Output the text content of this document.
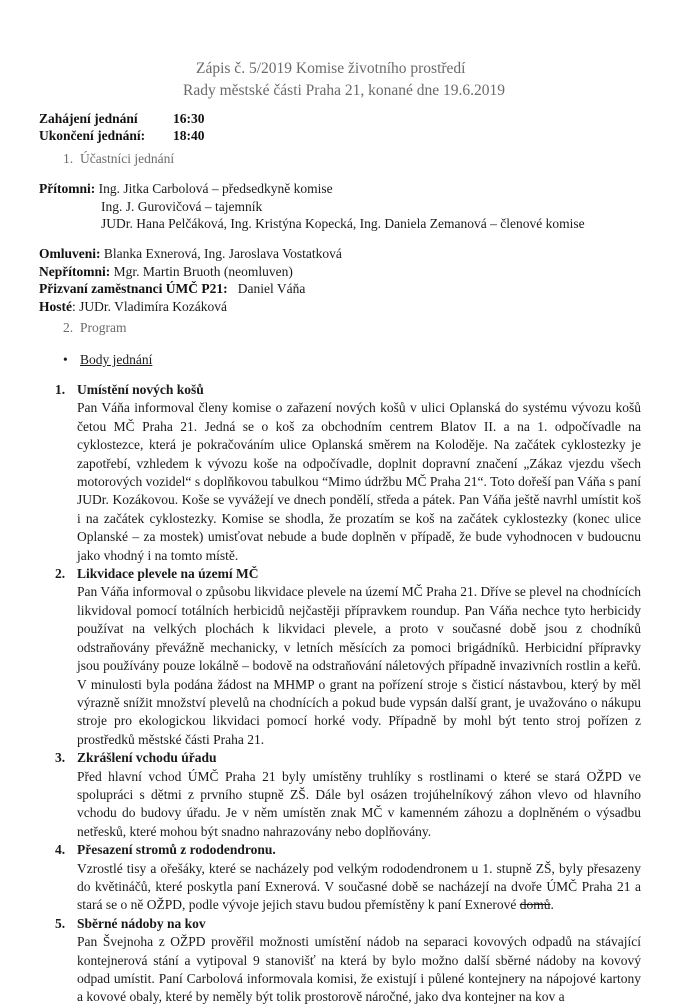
Zápis č. 5/2019 Komise životního prostředí
Rady městské části Praha 21, konané dne 19.6.2019
Zahájení jednání	16:30
Ukončení jednání:	18:40
1. Účastníci jednání
Přítomni: Ing. Jitka Carbolová – předsedkyně komise
Ing. J. Gurovičová – tajemník
JUDr. Hana Pelčáková, Ing. Kristýna Kopecká, Ing. Daniela Zemanová – členové komise
Omluveni: Blanka Exnerová, Ing. Jaroslava Vostatková
Nepřítomni: Mgr. Martin Bruoth (neomluven)
Přizvaní zaměstnanci ÚMČ P21: Daniel Váňa
Hosté: JUDr. Vladimíra Kozáková
2. Program
• Body jednání
1. Umístění nových košů
Pan Váňa informoval členy komise o zařazení nových košů v ulici Oplanská do systému vývozu košů četou MČ Praha 21. Jedná se o koš za obchodním centrem Blatov II. a na 1. odpočívadle na cyklostezce, která je pokračováním ulice Oplanská směrem na Koloděje. Na začátek cyklostezky je zapotřebí, vzhledem k vývozu koše na odpočívadle, doplnit dopravní značení „Zákaz vjezdu všech motorových vozidel“ s doplňkovou tabulkou “Mimo údržbu MČ Praha 21“. Toto dořeší pan Váňa s paní JUDr. Kozákovou. Koše se vyvážejí ve dnech pondělí, středa a pátek. Pan Váňa ještě navrhl umístit koš i na začátek cyklostezky. Komise se shodla, že prozatím se koš na začátek cyklostezky (konec ulice Oplanské – za mostek) umisťovat nebude a bude doplněn v případě, že bude vyhodnocen v budoucnu jako vhodný i na tomto místě.
2. Likvidace plevele na území MČ
Pan Váňa informoval o způsobu likvidace plevele na území MČ Praha 21. Dříve se plevel na chodnících likvidoval pomocí totálních herbicidů nejčastěji přípravkem roundup. Pan Váňa nechce tyto herbicidy používat na velkých plochách k likvidaci plevele, a proto v současné době jsou z chodníků odstraňovány převážně mechanicky, v letních měsících za pomoci brigádníků. Herbicidní přípravky jsou používány pouze lokálně – bodově na odstraňování náletových případně invazivních rostlin a keřů. V minulosti byla podána žádost na MHMP o grant na pořízení stroje s čisticí nástavbou, který by měl výrazně snížit množství plevelů na chodnících a pokud bude vypsán další grant, je uvažováno o nákupu stroje pro ekologickou likvidaci pomocí horké vody. Případně by mohl být tento stroj pořízen z prostředků městské části Praha 21.
3. Zkrášlení vchodu úřadu
Před hlavní vchod ÚMČ Praha 21 byly umístěny truhlíky s rostlinami o které se stará OŽPD ve spolupráci s dětmi z prvního stupně ZŠ. Dále byl osázen trojúhelníkový záhon vlevo od hlavního vchodu do budovy úřadu. Je v něm umístěn znak MČ v kamenném záhozu a doplněném o výsadbu netřesků, které mohou být snadno nahrazovány nebo doplňovány.
4. Přesazení stromů z rododendronu.
Vzrostlé tisy a ořešáky, které se nacházely pod velkým rododendronem u 1. stupně ZŠ, byly přesazeny do květináčů, které poskytla paní Exnerová. V současné době se nacházejí na dvoře ÚMČ Praha 21 a stará se o ně OŽPD, podle vývoje jejich stavu budou přemístěny k paní Exnerové domů.
5. Sběrné nádoby na kov
Pan Švejnoha z OŽPD prověřil možnosti umístění nádob na separaci kovových odpadů na stávající kontejnerová stání a vytipoval 9 stanovišť na která by bylo možno další sběrné nádoby na kovový odpad umístit. Paní Carbolová informovala komisi, že existují i půlené kontejnery na nápojové kartony a kovové obaly, které by neměly být tolik prostorově náročné, jako dva kontejner na kov a
